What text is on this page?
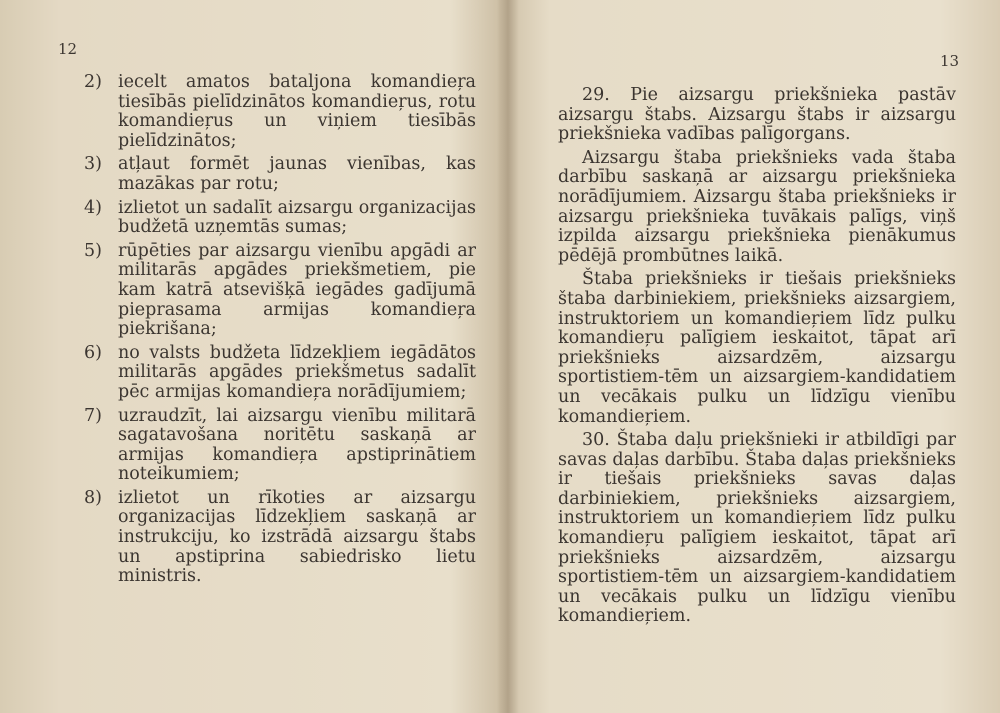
12
2) iecelt amatos bataljona komandieŗa tiesībās pielīdzinātos komandieŗus, rotu komandieŗus un viņiem tiesībās pielīdzinātos;
3) atļaut formēt jaunas vienības, kas mazākas par rotu;
4) izlietot un sadalīt aizsargu organizacijas budžetā uzņemtās sumas;
5) rūpēties par aizsargu vienību apgādi ar militarās apgādes priekšmetiem, pie kam katrā atsevišķā iegādes gadījumā pieprasama armijas komandieŗa piekrišana;
6) no valsts budžeta līdzekļiem iegādātos militarās apgādes priekšmetus sadalīt pēc armijas komandieŗa norādījumiem;
7) uzraudzīt, lai aizsargu vienību militarā sagatavošana noritētu saskaņā ar armijas komandieŗa apstiprinātiem noteikumiem;
8) izlietot un rīkoties ar aizsargu organizacijas līdzekļiem saskaņā ar instrukciju, ko izstrādā aizsargu štabs un apstiprina sabiedrisko lietu ministris.
13

29. Pie aizsargu priekšnieka pastāv aizsargu štabs. Aizsargu štabs ir aizsargu priekšnieka vadības palīgorgans.

Aizsargu štaba priekšnieks vada štaba darbību saskaņā ar aizsargu priekšnieka norādījumiem. Aizsargu štaba priekšnieks ir aizsargu priekšnieka tuvākais palīgs, viņš izpilda aizsargu priekšnieka pienākumus pēdējā prombūtnes laikā.

Štaba priekšnieks ir tiešais priekšnieks štaba darbiniekiem, priekšnieks aizsargiem, instruktoriem un komandieŗiem līdz pulku komandieŗu palīgiem ieskaitot, tāpat arī priekšnieks aizsardzēm, aizsargu sportistiem-tēm un aizsargiem-kandidatiem un vecākais pulku un līdzīgu vienību komandieŗiem.

30. Štaba daļu priekšnieki ir atbildīgi par savas daļas darbību. Štaba daļas priekšnieks ir tiešais priekšnieks savas daļas darbiniekiem, priekšnieks aizsargiem, instruktoriem un komandieŗiem līdz pulku komandieŗu palīgiem ieskaitot, tāpat arī priekšnieks aizsardzēm, aizsargu sportistiem-tēm un aizsargiem-kandidatiem un vecākais pulku un līdzīgu vienību komandieŗiem.
